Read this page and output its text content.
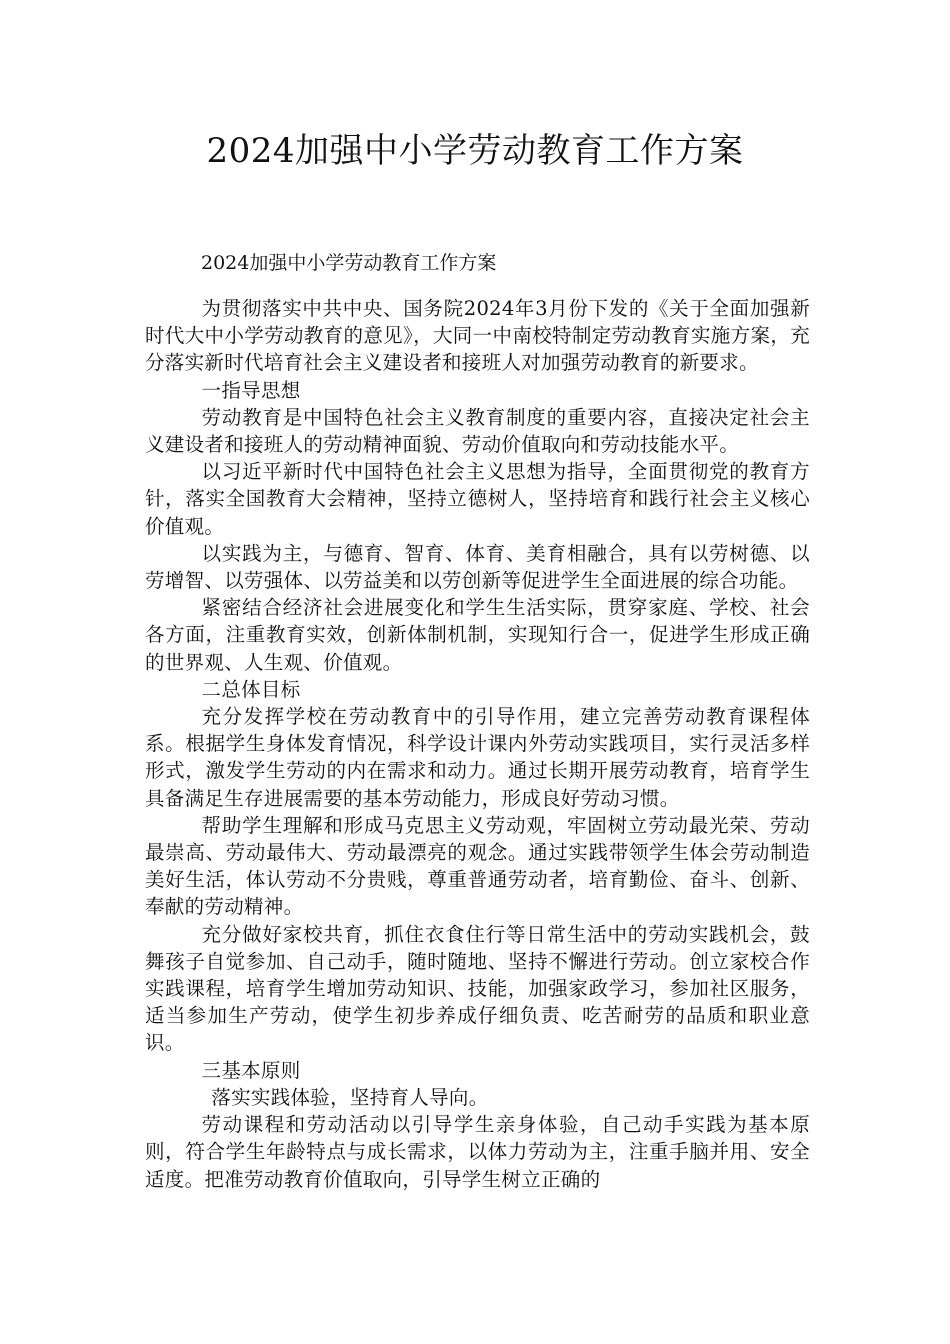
2024加强中小学劳动教育工作方案
2024加强中小学劳动教育工作方案

为贯彻落实中共中央、国务院2024年3月份下发的《关于全面加强新时代大中小学劳动教育的意见》，大同一中南校特制定劳动教育实施方案，充分落实新时代培育社会主义建设者和接班人对加强劳动教育的新要求。

一指导思想

劳动教育是中国特色社会主义教育制度的重要内容，直接决定社会主义建设者和接班人的劳动精神面貌、劳动价值取向和劳动技能水平。

以习近平新时代中国特色社会主义思想为指导，全面贯彻党的教育方针，落实全国教育大会精神，坚持立德树人，坚持培育和践行社会主义核心价值观。

以实践为主，与德育、智育、体育、美育相融合，具有以劳树德、以劳增智、以劳强体、以劳益美和以劳创新等促进学生全面进展的综合功能。

紧密结合经济社会进展变化和学生生活实际，贯穿家庭、学校、社会各方面，注重教育实效，创新体制机制，实现知行合一，促进学生形成正确的世界观、人生观、价值观。

二总体目标

充分发挥学校在劳动教育中的引导作用，建立完善劳动教育课程体系。根据学生身体发育情况，科学设计课内外劳动实践项目，实行灵活多样形式，激发学生劳动的内在需求和动力。通过长期开展劳动教育，培育学生具备满足生存进展需要的基本劳动能力，形成良好劳动习惯。

帮助学生理解和形成马克思主义劳动观，牢固树立劳动最光荣、劳动最崇高、劳动最伟大、劳动最漂亮的观念。通过实践带领学生体会劳动制造美好生活，体认劳动不分贵贱，尊重普通劳动者，培育勤俭、奋斗、创新、奉献的劳动精神。

充分做好家校共育，抓住衣食住行等日常生活中的劳动实践机会，鼓舞孩子自觉参加、自己动手，随时随地、坚持不懈进行劳动。创立家校合作实践课程，培育学生增加劳动知识、技能，加强家政学习，参加社区服务，适当参加生产劳动，使学生初步养成仔细负责、吃苦耐劳的品质和职业意识。

三基本原则

落实实践体验，坚持育人导向。

劳动课程和劳动活动以引导学生亲身体验，自己动手实践为基本原则，符合学生年龄特点与成长需求，以体力劳动为主，注重手脑并用、安全适度。把准劳动教育价值取向，引导学生树立正确的
